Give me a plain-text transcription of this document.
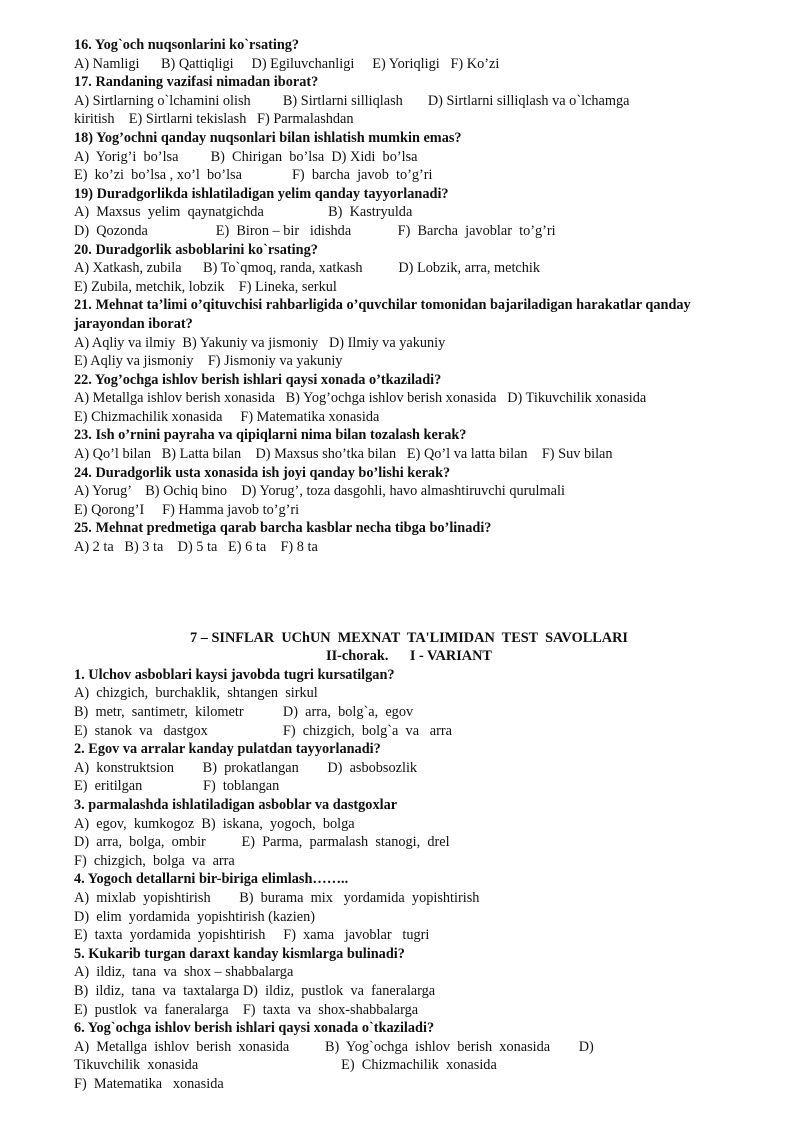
16. Yog`och nuqsonlarini ko`rsating?
A) Namligi      B) Qattiqligi     D) Egiluvchanligi     E) Yoriqligi   F) Ko’zi
17. Randaning vazifasi nimadan iborat?
A) Sirtlarning o`lchamini olish         B) Sirtlarni silliqlash       D) Sirtlarni silliqlash va o`lchamga
kiritish    E) Sirtlarni tekislash   F) Parmalashdan
18) Yog’ochni qanday nuqsonlari bilan ishlatish mumkin emas?
A)  Yorig’i  bo’lsa         B)  Chirigan  bo’lsa  D) Xidi  bo’lsa
E)  ko’zi  bo’lsa , xo’l  bo’lsa              F)  barcha  javob  to’g’ri
19) Duradgorlikda ishlatiladigan yelim qanday tayyorlanadi?
A)  Maxsus  yelim  qaynatgichda                  B)  Kastryulda
D)  Qozonda                   E)  Biron – bir   idishda             F)  Barcha  javoblar  to’g’ri
20. Duradgorlik asboblarini ko`rsating?
A) Xatkash, zubila      B) To`qmoq, randa, xatkash          D) Lobzik, arra, metchik
E) Zubila, metchik, lobzik    F) Lineka, serkul
21. Mehnat ta’limi o’qituvchisi rahbarligida o’quvchilar tomonidan bajariladigan harakatlar qanday jarayondan iborat?
A) Aqliy va ilmiy  B) Yakuniy va jismoniy   D) Ilmiy va yakuniy
E) Aqliy va jismoniy    F) Jismoniy va yakuniy
22. Yog’ochga ishlov berish ishlari qaysi xonada o’tkaziladi?
A) Metallga ishlov berish xonasida   B) Yog’ochga ishlov berish xonasida   D) Tikuvchilik xonasida
E) Chizmachilik xonasida     F) Matematika xonasida
23. Ish o’rnini payraha va qipiqlarni nima bilan tozalash kerak?
A) Qo’l bilan   B) Latta bilan    D) Maxsus sho’tka bilan   E) Qo’l va latta bilan    F) Suv bilan
24. Duradgorlik usta xonasida ish joyi qanday bo’lishi kerak?
A) Yorug’    B) Ochiq bino    D) Yorug’, toza dasgohli, havo almashtiruvchi qurulmali
E) Qorong’I     F) Hamma javob to’g’ri
25. Mehnat predmetiga qarab barcha kasblar necha tibga bo’linadi?
A) 2 ta   B) 3 ta    D) 5 ta   E) 6 ta    F) 8 ta
7 – SINFLAR  UChUN  MEXNAT  TA'LIMIDAN  TEST  SAVOLLARI
II-chorak.      I - VARIANT
1. Ulchov asboblari kaysi javobda tugri kursatilgan?
A)  chizgich,  burchaklik,  shtangen  sirkul
B)  metr,  santimetr,  kilometr           D)  arra,  bolg`a,  egov
E)  stanok  va   dastgox                     F)  chizgich,  bolg`a  va   arra
2. Egov va arralar kanday pulatdan tayyorlanadi?
A)  konstruktsion        B)  prokatlangan        D)  asbobsozlik
E)  eritilgan                 F)  toblangan
3. parmalashda ishlatiladigan asboblar va dastgoxlar
A)  egov,  kumkogoz  B)  iskana,  yogoch,  bolga
D)  arra,  bolga,  ombir          E)  Parma,  parmalash  stanogi,  drel
F)  chizgich,  bolga  va  arra
4. Yogoch detallarni bir-biriga elimlash……..
A)  mixlab  yopishtirish        B)  burama  mix   yordamida  yopishtirish
D)  elim  yordamida  yopishtirish (kazien)
E)  taxta  yordamida  yopishtirish     F)  xama   javoblar   tugri
5. Kukarib turgan daraxt kanday kismlarga bulinadi?
A)  ildiz,  tana  va  shox – shabbalarga
B)  ildiz,  tana  va  taxtalarga D)  ildiz,  pustlok  va  faneralarga
E)  pustlok  va  faneralarga    F)  taxta  va  shox-shabbalarga
6. Yog`ochga ishlov berish ishlari qaysi xonada o`tkaziladi?
A)  Metallga  ishlov  berish  xonasida          B)  Yog`ochga  ishlov  berish  xonasida        D)
Tikuvchilik  xonasida                                        E)  Chizmachilik  xonasida
F)  Matematika   xonasida
